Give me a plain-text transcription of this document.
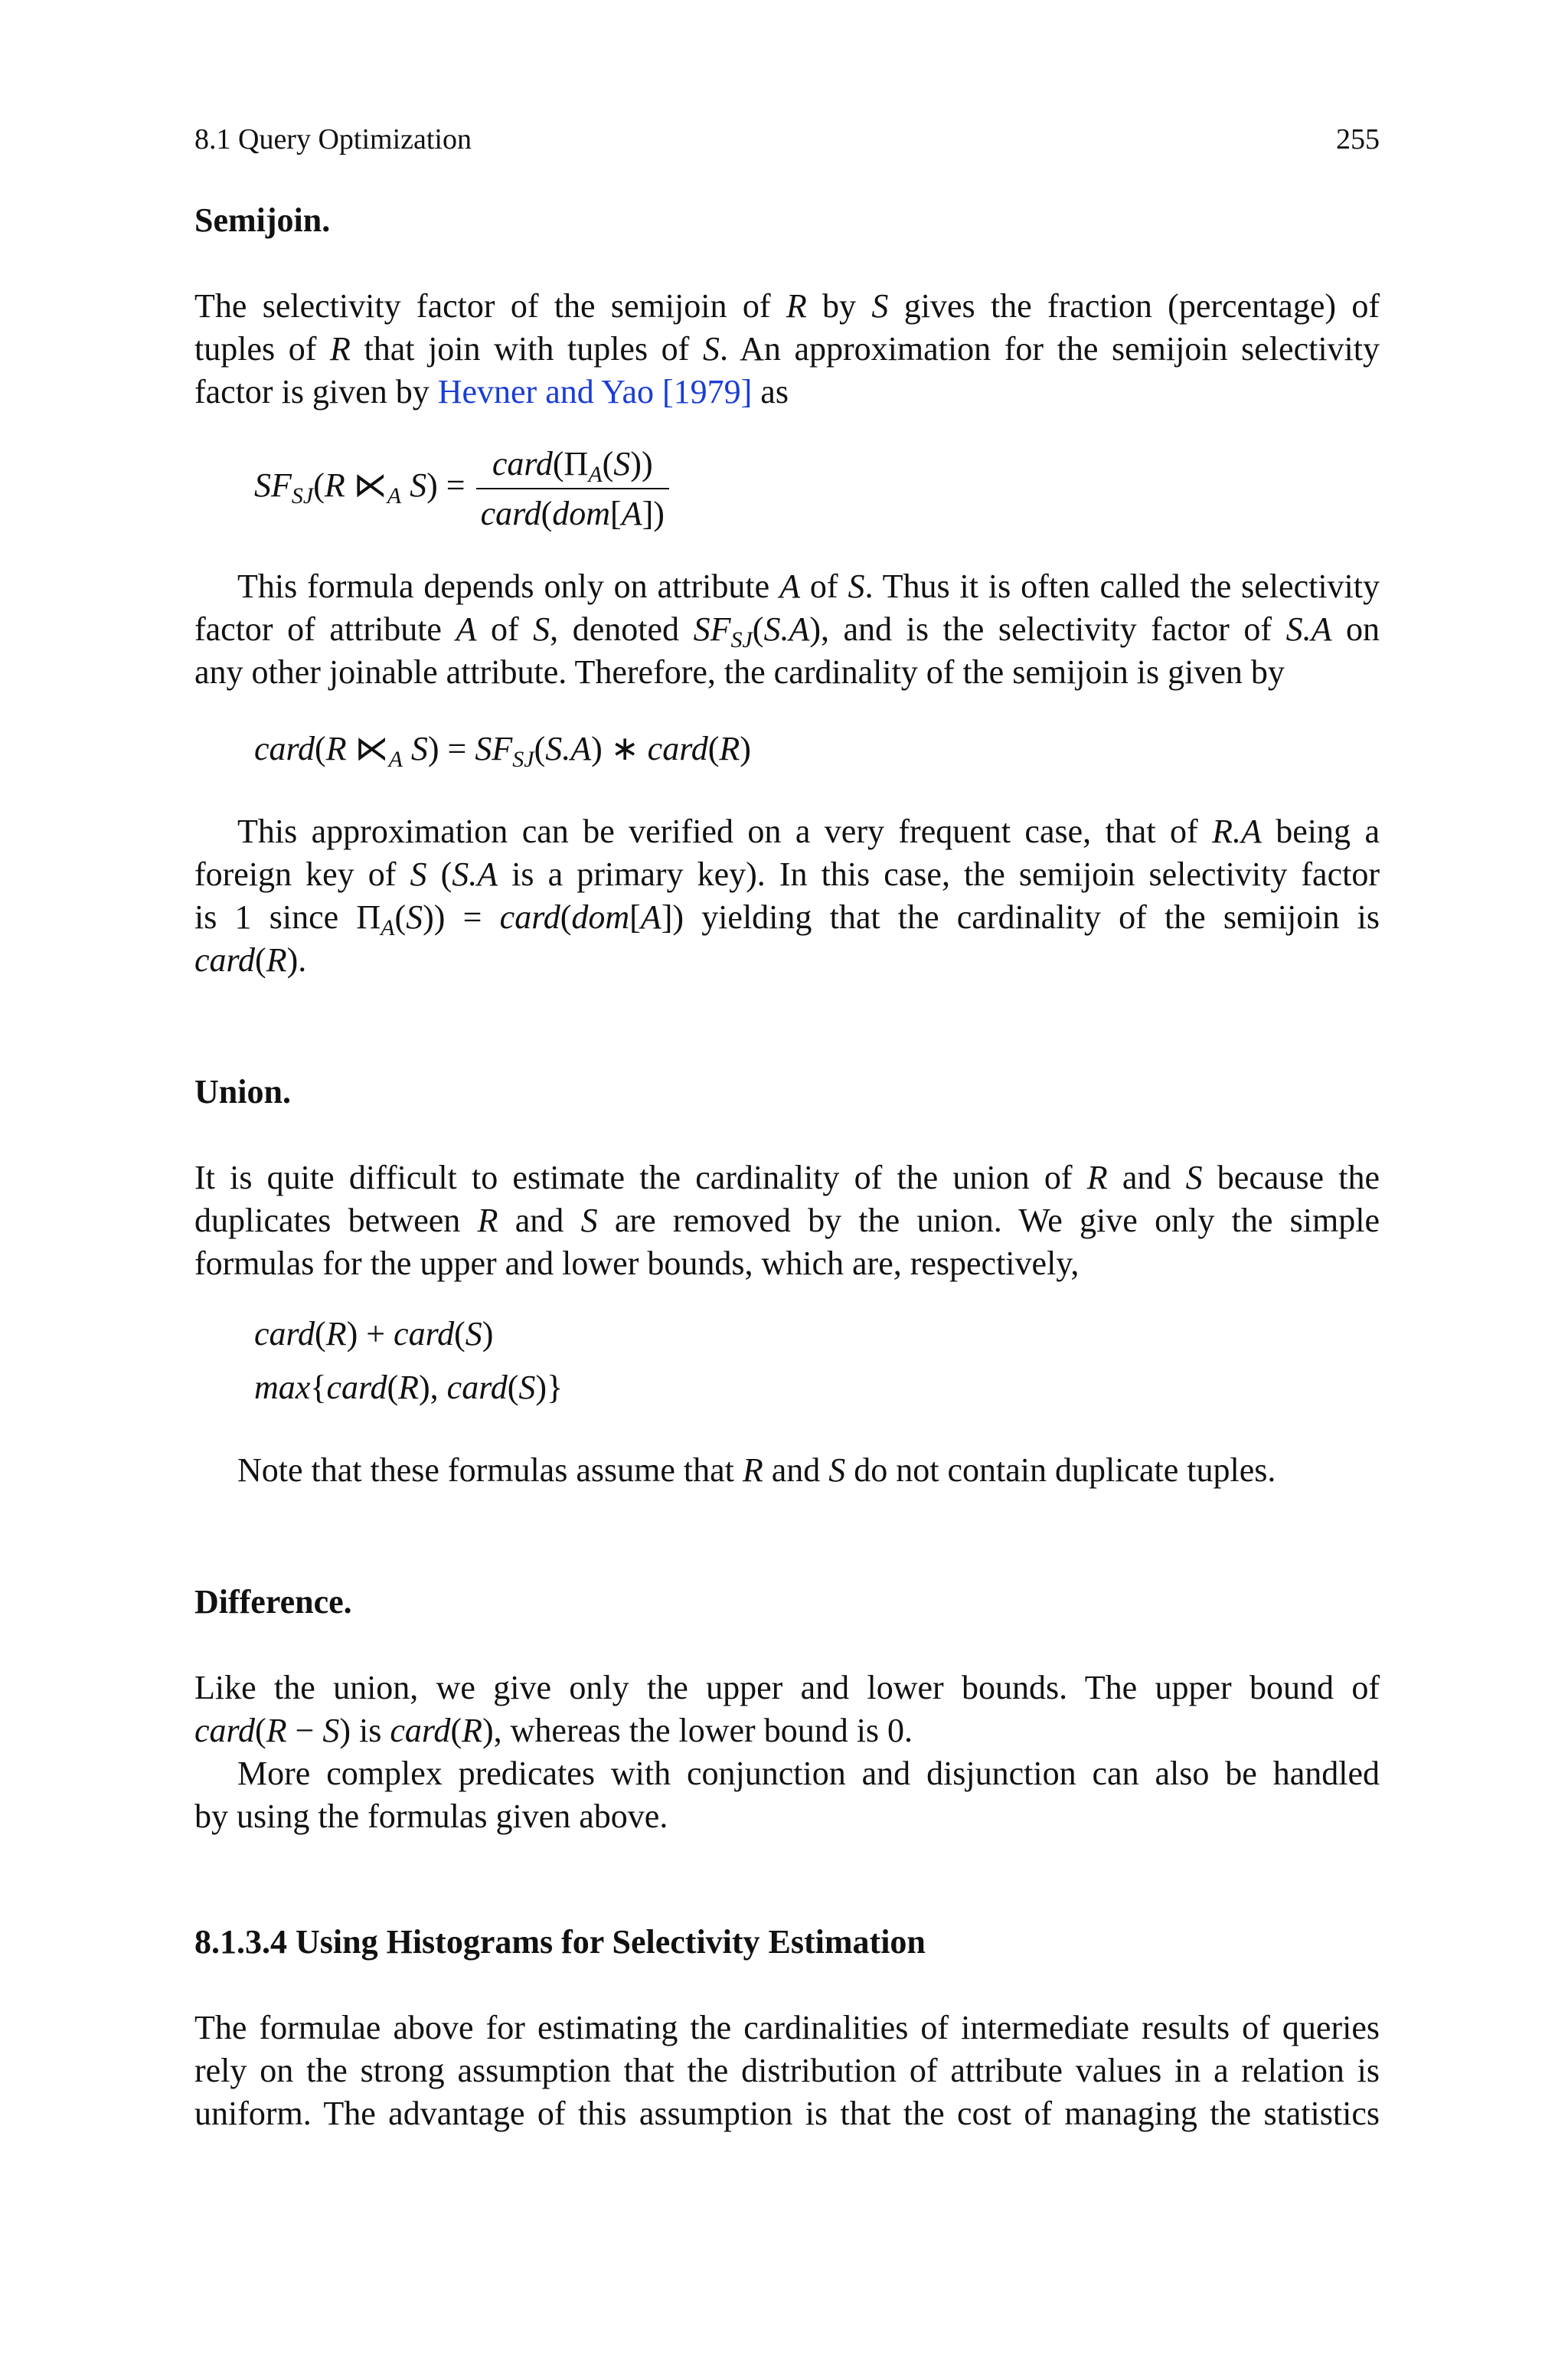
8.1 Query Optimization	255
Semijoin.
The selectivity factor of the semijoin of R by S gives the fraction (percentage) of
tuples of R that join with tuples of S. An approximation for the semijoin selectivity
factor is given by Hevner and Yao [1979] as
$SF_{SJ}(R$ $⋉_A$ $S) = \frac{card(\Pi_A(S))}{\text{card(dom[A])}}$
This formula depends only on attribute A of S. Thus it is often called the selectivity
factor of attribute A of S, denoted $SF_{SJ}(S.A)$, and is the selectivity factor of S.A on
any other joinable attribute. Therefore, the cardinality of the semijoin is given by
card(R $⋉_A$ $S) = SF_{SJ}(S.A)$ ∗ card(R)
This approximation can be verified on a very frequent case, that of R.A being a
foreign key of S (S.A is a primary key). In this case, the semijoin selectivity factor
is 1 since $\Pi_A(S)$) = card(dom[A]) yielding that the cardinality of the semijoin is
card(R).
Union.
It is quite difficult to estimate the cardinality of the union of R and S because the
duplicates between R and S are removed by the union. We give only the simple
formulas for the upper and lower bounds, which are, respectively,
card(R) + card(S)
max{card(R), card(S)}
Note that these formulas assume that R and S do not contain duplicate tuples.
Difference.
Like the union, we give only the upper and lower bounds. The upper bound of
card(R − S) is card(R), whereas the lower bound is 0.
More complex predicates with conjunction and disjunction can also be handled
by using the formulas given above.
8.1.3.4 Using Histograms for Selectivity Estimation
The formulae above for estimating the cardinalities of intermediate results of queries
rely on the strong assumption that the distribution of attribute values in a relation is
uniform. The advantage of this assumption is that the cost of managing the statistics
